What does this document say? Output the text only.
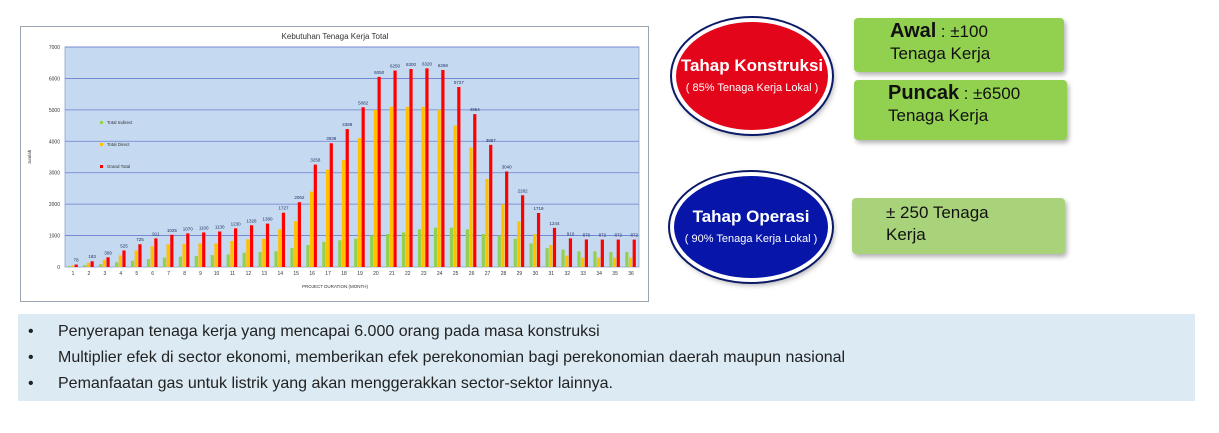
0
1000
2000
3000
4000
5000
6000
7000
Kebutuhan Tenaga Kerja Total
PROJECT DURATION (MONTH)
Jumlah
1	2	3	4	5	6	7	8	9 10 11 12 13 14 15 16 17 18 19 20 21 22 23 24 25 26 27 28 29 30 31 32 33 34 35 36
78
183
309
525
725
911
1025 1070 1100 1130
1230
1328 1380
1727
2062
3258
3938
4388
5082
6050
6250 6300 6320 6268
5727
4864
3887
3040
2282
1719
1244
910 876 872 872 872
Total Indirect
Total Direct
Grand Total
Tahap Konstruksi
( 85% Tenaga Kerja Lokal )
Tahap Operasi
( 90% Tenaga Kerja Lokal )
Awal : ±100
Tenaga Kerja
Puncak : ±6500
Tenaga Kerja
± 250 Tenaga
Kerja
• Penyerapan tenaga kerja yang mencapai 6.000 orang pada masa konstruksi
• Multiplier efek di sector ekonomi, memberikan efek perekonomian bagi perekonomian daerah maupun nasional
• Pemanfaatan gas untuk listrik yang akan menggerakkan sector-sektor lainnya.
